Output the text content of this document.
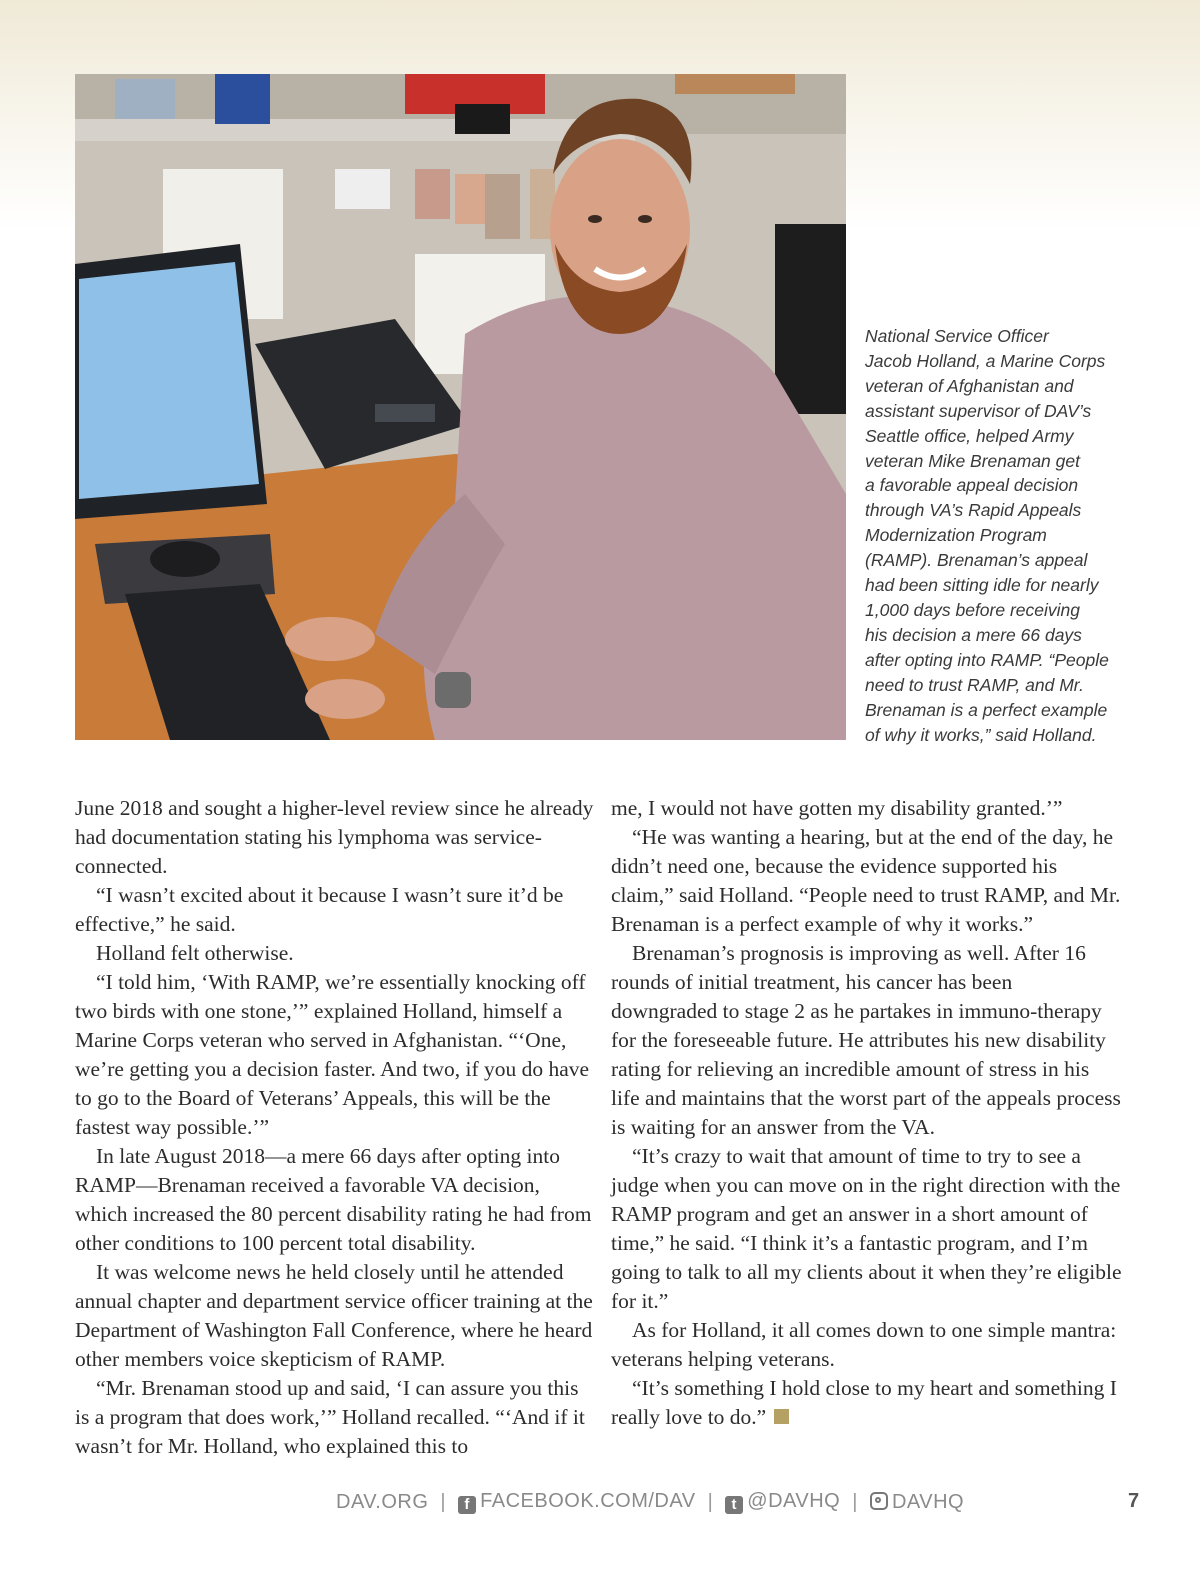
National Service Officer

Jacob Holland, a Marine Corps

veteran of Afghanistan and

assistant supervisor of DAV’s

Seattle office, helped Army

veteran Mike Brenaman get

a favorable appeal decision

through VA’s Rapid Appeals

Modernization Program

(RAMP). Brenaman’s appeal

had been sitting idle for nearly

1,000 days before receiving

his decision a mere 66 days

after opting into RAMP. “People

need to trust RAMP, and Mr.

Brenaman is a perfect example

of why it works,” said Holland.

June 2018 and sought a higher-level review since he already had documentation stating his lymphoma was service-connected.

“I wasn’t excited about it because I wasn’t sure it’d be effective,” he said.

Holland felt otherwise.

“I told him, ‘With RAMP, we’re essentially knocking off two birds with one stone,’” explained Holland, himself a Marine Corps veteran who served in Afghanistan. “‘One, we’re getting you a decision faster. And two, if you do have to go to the Board of Veterans’ Appeals, this will be the fastest way possible.’”

In late August 2018—a mere 66 days after opting into RAMP—Brenaman received a favorable VA decision, which increased the 80 percent disability rating he had from other conditions to 100 percent total disability.

It was welcome news he held closely until he attended annual chapter and department service officer training at the Department of Washington Fall Conference, where he heard other members voice skepticism of RAMP.

“Mr. Brenaman stood up and said, ‘I can assure you this is a program that does work,’” Holland recalled. “‘And if it wasn’t for Mr. Holland, who explained this to

me, I would not have gotten my disability granted.’”

“He was wanting a hearing, but at the end of the day, he didn’t need one, because the evidence supported his claim,” said Holland. “People need to trust RAMP, and Mr. Brenaman is a perfect example of why it works.”

Brenaman’s prognosis is improving as well. After 16 rounds of initial treatment, his cancer has been downgraded to stage 2 as he partakes in immuno-therapy for the foreseeable future. He attributes his new disability rating for relieving an incredible amount of stress in his life and maintains that the worst part of the appeals process is waiting for an answer from the VA.

“It’s crazy to wait that amount of time to try to see a judge when you can move on in the right direction with the RAMP program and get an answer in a short amount of time,” he said. “I think it’s a fantastic program, and I’m going to talk to all my clients about it when they’re eligible for it.”

As for Holland, it all comes down to one simple mantra: veterans helping veterans.

“It’s something I hold close to my heart and something I really love to do.”

DAV.ORG |	f FACEBOOK.COM/DAV |	t @DAVHQ |	DAVHQ	7
